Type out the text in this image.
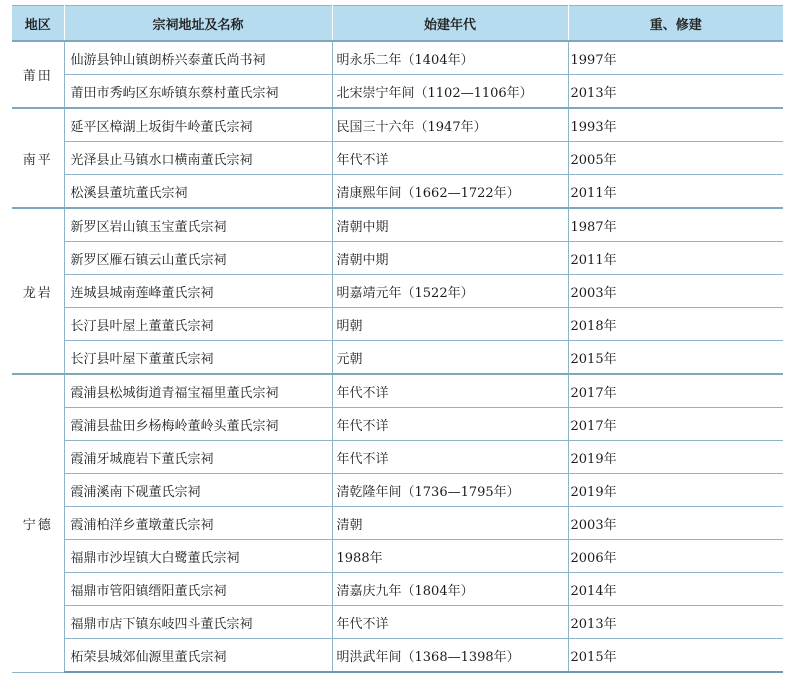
地区	宗祠地址及名称	始建年代	重、修建
莆田	仙游县钟山镇朗桥兴泰董氏尚书祠	明永乐二年（1404年）	1997年
	莆田市秀屿区东峤镇东蔡村董氏宗祠	北宋崇宁年间（1102—1106年）	2013年
南平	延平区樟湖上坂街牛岭董氏宗祠	民国三十六年（1947年）	1993年
	光泽县止马镇水口横南董氏宗祠	年代不详	2005年
	松溪县董坑董氏宗祠	清康熙年间（1662—1722年）	2011年
龙岩	新罗区岩山镇玉宝董氏宗祠	清朝中期	1987年
	新罗区雁石镇云山董氏宗祠	清朝中期	2011年
	连城县城南莲峰董氏宗祠	明嘉靖元年（1522年）	2003年
	长汀县叶屋上董董氏宗祠	明朝	2018年
	长汀县叶屋下董董氏宗祠	元朝	2015年
宁德	霞浦县松城街道青福宝福里董氏宗祠	年代不详	2017年
	霞浦县盐田乡杨梅岭董岭头董氏宗祠	年代不详	2017年
	霞浦牙城鹿岩下董氏宗祠	年代不详	2019年
	霞浦溪南下砚董氏宗祠	清乾隆年间（1736—1795年）	2019年
	霞浦柏洋乡董墩董氏宗祠	清朝	2003年
	福鼎市沙埕镇大白鹭董氏宗祠	1988年	2006年
	福鼎市管阳镇缙阳董氏宗祠	清嘉庆九年（1804年）	2014年
	福鼎市店下镇东岐四斗董氏宗祠	年代不详	2013年
	柘荣县城郊仙源里董氏宗祠	明洪武年间（1368—1398年）	2015年
